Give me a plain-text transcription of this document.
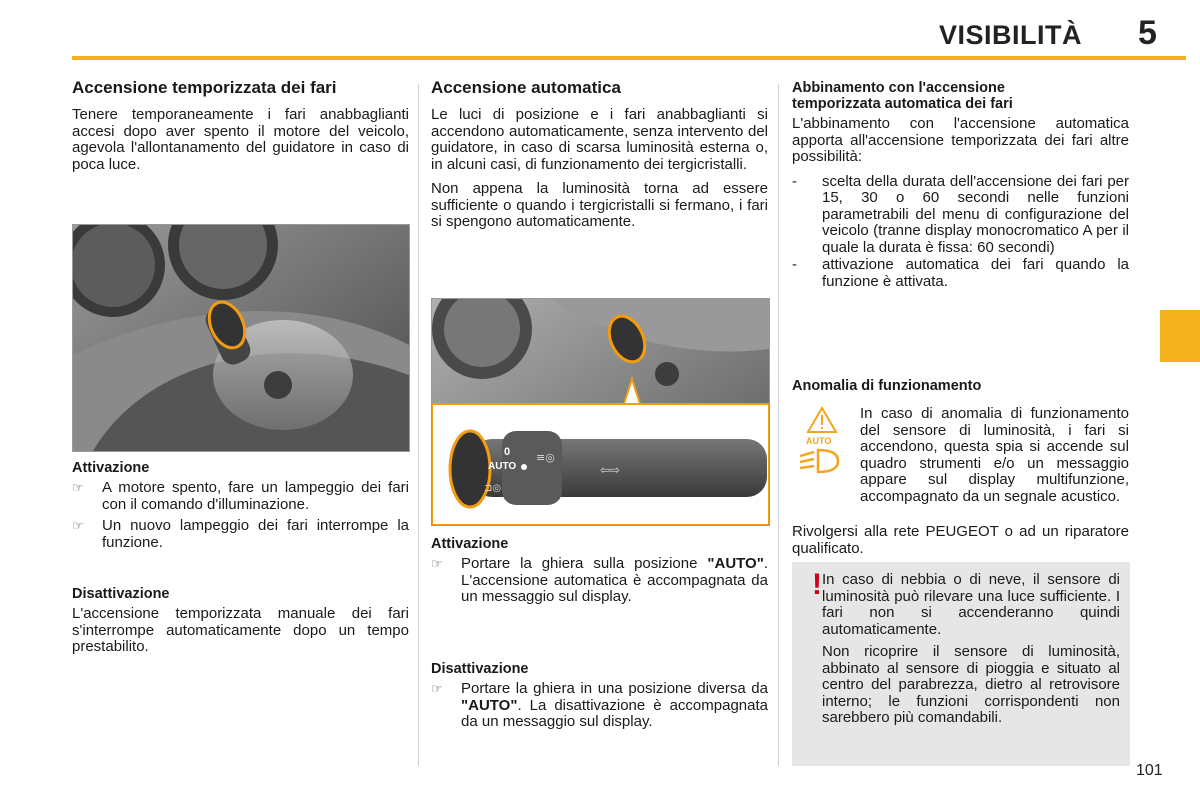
VISIBILITÀ 5
Accensione temporizzata dei fari

Tenere temporaneamente i fari anabbaglianti accesi dopo aver spento il motore del veicolo, agevola l'allontanamento del guidatore in caso di poca luce.

Attivazione
☞	A motore spento, fare un lampeggio dei fari con il comando d'illuminazione.
☞	Un nuovo lampeggio dei fari interrompe la funzione.
Disattivazione

L'accensione temporizzata manuale dei fari s'interrompe automaticamente dopo un tempo prestabilito.

Accensione automatica

Le luci di posizione e i fari anabbaglianti si accendono automaticamente, senza intervento del guidatore, in caso di scarsa luminosità esterna o, in alcuni casi, di funzionamento dei tergicristalli.

Non appena la luminosità torna ad essere sufficiente o quando i tergicristalli si fermano, i fari si spengono automaticamente.

AUTO
0 ≡◎
⊐◎
⇦⇨
Attivazione
☞	Portare la ghiera sulla posizione "AUTO". L'accensione automatica è accompagnata da un messaggio sul display.
Disattivazione
☞	Portare la ghiera in una posizione diversa da "AUTO". La disattivazione è accompagnata da un messaggio sul display.
Abbinamento con l'accensione temporizzata automatica dei fari

L'abbinamento con l'accensione automatica apporta all'accensione temporizzata dei fari altre possibilità:

-	scelta della durata dell'accensione dei fari per 15, 30 o 60 secondi nelle funzioni parametrabili del menu di configurazione del veicolo (tranne display monocromatico A per il quale la durata è fissa: 60 secondi)
-	attivazione automatica dei fari quando la funzione è attivata.
Anomalia di funzionamento
AUTO

In caso di anomalia di funzionamento del sensore di luminosità, i fari si accendono, questa spia si accende sul quadro strumenti e/o un messaggio appare sul display multifunzione, accompagnato da un segnale acustico.

Rivolgersi alla rete PEUGEOT o ad un riparatore qualificato.

! In caso di nebbia o di neve, il sensore di luminosità può rilevare una luce sufficiente. I fari non si accenderanno quindi automaticamente.

Non ricoprire il sensore di luminosità, abbinato al sensore di pioggia e situato al centro del parabrezza, dietro al retrovisore interno; le funzioni corrispondenti non sarebbero più comandabili.

101
